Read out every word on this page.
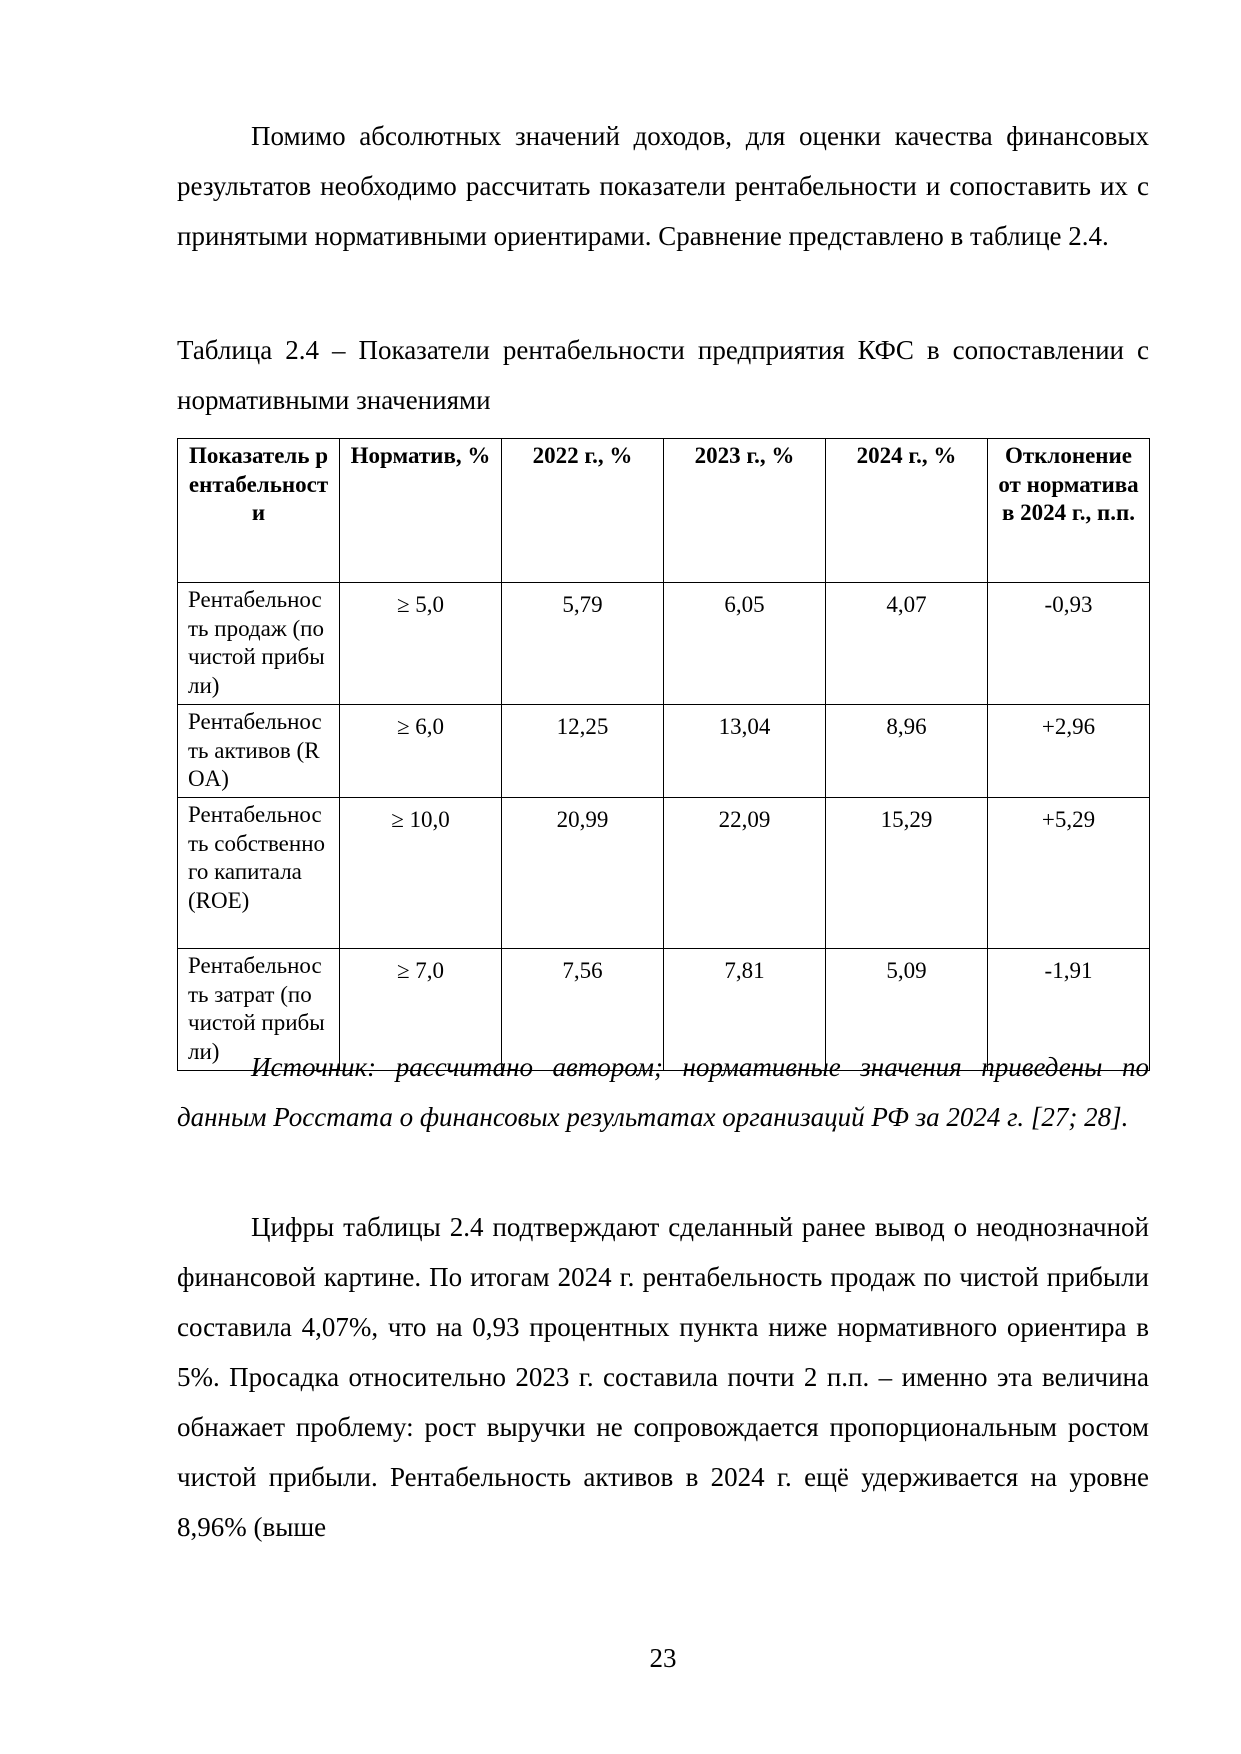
Помимо абсолютных значений доходов, для оценки качества финансовых результатов необходимо рассчитать показатели рентабельности и сопоставить их с принятыми нормативными ориентирами. Сравнение представлено в таблице 2.4.

Таблица 2.4 – Показатели рентабельности предприятия КФС в сопоставлении с нормативными значениями

Показатель рентабельности	Норматив, %	2022 г., %	2023 г., %	2024 г., %	Отклонение от норматива в 2024 г., п.п.
Рентабельность продаж (по чистой прибыли)	≥ 5,0	5,79	6,05	4,07	-0,93
Рентабельность активов (ROA)	≥ 6,0	12,25	13,04	8,96	+2,96
Рентабельность собственного капитала (ROE)	≥ 10,0	20,99	22,09	15,29	+5,29
Рентабельность затрат (по чистой прибыли)	≥ 7,0	7,56	7,81	5,09	-1,91

Источник: рассчитано автором; нормативные значения приведены по данным Росстата о финансовых результатах организаций РФ за 2024 г. [27; 28].

Цифры таблицы 2.4 подтверждают сделанный ранее вывод о неоднозначной финансовой картине. По итогам 2024 г. рентабельность продаж по чистой прибыли составила 4,07%, что на 0,93 процентных пункта ниже нормативного ориентира в 5%. Просадка относительно 2023 г. составила почти 2 п.п. – именно эта величина обнажает проблему: рост выручки не сопровождается пропорциональным ростом чистой прибыли. Рентабельность активов в 2024 г. ещё удерживается на уровне 8,96% (выше

23
